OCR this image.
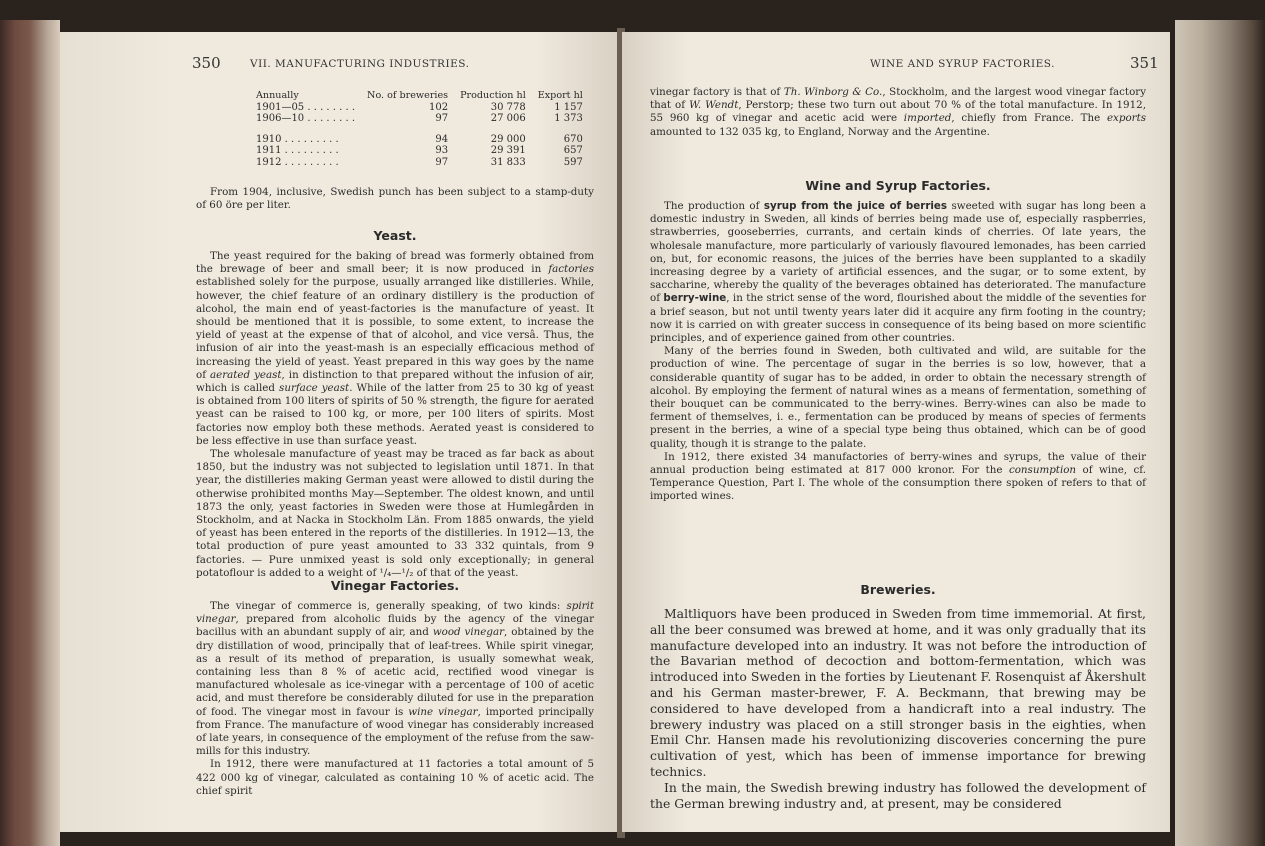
350	VII. MANUFACTURING INDUSTRIES.
Annually	No. of breweries	Production hl	Export hl
1901—05 . . . . . . . .	102	30 778	1 157
1906—10 . . . . . . . .	97	27 006	1 373

1910 . . . . . . . . .	94	29 000	670
1911 . . . . . . . . .	93	29 391	657
1912 . . . . . . . . .	97	31 833	597

From 1904, inclusive, Swedish punch has been subject to a stamp-duty of 60 öre per liter.

Yeast.

The yeast required for the baking of bread was formerly obtained from the brewage of beer and small beer; it is now produced in factories established solely for the purpose, usually arranged like distilleries. While, however, the chief feature of an ordinary distillery is the production of alcohol, the main end of yeast-factories is the manufacture of yeast. It should be mentioned that it is possible, to some extent, to increase the yield of yeast at the expense of that of alcohol, and vice versâ. Thus, the infusion of air into the yeast-mash is an especially efficacious method of increasing the yield of yeast. Yeast prepared in this way goes by the name of aerated yeast, in distinction to that prepared without the infusion of air, which is called surface yeast. While of the latter from 25 to 30 kg of yeast is obtained from 100 liters of spirits of 50 % strength, the figure for aerated yeast can be raised to 100 kg, or more, per 100 liters of spirits. Most factories now employ both these methods. Aerated yeast is considered to be less effective in use than surface yeast.

The wholesale manufacture of yeast may be traced as far back as about 1850, but the industry was not subjected to legislation until 1871. In that year, the distilleries making German yeast were allowed to distil during the otherwise prohibited months May—September. The oldest known, and until 1873 the only, yeast factories in Sweden were those at Humlegården in Stockholm, and at Nacka in Stockholm Län. From 1885 onwards, the yield of yeast has been entered in the reports of the distilleries. In 1912—13, the total production of pure yeast amounted to 33 332 quintals, from 9 factories. — Pure unmixed yeast is sold only exceptionally; in general potatoflour is added to a weight of ¹/₄—¹/₂ of that of the yeast.

Vinegar Factories.

The vinegar of commerce is, generally speaking, of two kinds: spirit vinegar, prepared from alcoholic fluids by the agency of the vinegar bacillus with an abundant supply of air, and wood vinegar, obtained by the dry distillation of wood, principally that of leaf-trees. While spirit vinegar, as a result of its method of preparation, is usually somewhat weak, containing less than 8 % of acetic acid, rectified wood vinegar is manufactured wholesale as ice-vinegar with a percentage of 100 of acetic acid, and must therefore be considerably diluted for use in the preparation of food. The vinegar most in favour is wine vinegar, imported principally from France. The manufacture of wood vinegar has considerably increased of late years, in consequence of the employment of the refuse from the saw-mills for this industry.

In 1912, there were manufactured at 11 factories a total amount of 5 422 000 kg of vinegar, calculated as containing 10 % of acetic acid. The chief spirit

WINE AND SYRUP FACTORIES.	351

vinegar factory is that of Th. Winborg & Co., Stockholm, and the largest wood vinegar factory that of W. Wendt, Perstorp; these two turn out about 70 % of the total manufacture. In 1912, 55 960 kg of vinegar and acetic acid were imported, chiefly from France. The exports amounted to 132 035 kg, to England, Norway and the Argentine.

Wine and Syrup Factories.

The production of syrup from the juice of berries sweeted with sugar has long been a domestic industry in Sweden, all kinds of berries being made use of, especially raspberries, strawberries, gooseberries, currants, and certain kinds of cherries. Of late years, the wholesale manufacture, more particularly of variously flavoured lemonades, has been carried on, but, for economic reasons, the juices of the berries have been supplanted to a skadily increasing degree by a variety of artificial essences, and the sugar, or to some extent, by saccharine, whereby the quality of the beverages obtained has deteriorated. The manufacture of berry-wine, in the strict sense of the word, flourished about the middle of the seventies for a brief season, but not until twenty years later did it acquire any firm footing in the country; now it is carried on with greater success in consequence of its being based on more scientific principles, and of experience gained from other countries.

Many of the berries found in Sweden, both cultivated and wild, are suitable for the production of wine. The percentage of sugar in the berries is so low, however, that a considerable quantity of sugar has to be added, in order to obtain the necessary strength of alcohol. By employing the ferment of natural wines as a means of fermentation, something of their bouquet can be communicated to the berry-wines. Berry-wines can also be made to ferment of themselves, i. e., fermentation can be produced by means of species of ferments present in the berries, a wine of a special type being thus obtained, which can be of good quality, though it is strange to the palate.

In 1912, there existed 34 manufactories of berry-wines and syrups, the value of their annual production being estimated at 817 000 kronor. For the consumption of wine, cf. Temperance Question, Part I. The whole of the consumption there spoken of refers to that of imported wines.

Breweries.

Maltliquors have been produced in Sweden from time immemorial. At first, all the beer consumed was brewed at home, and it was only gradually that its manufacture developed into an industry. It was not before the introduction of the Bavarian method of decoction and bottom-fermentation, which was introduced into Sweden in the forties by Lieutenant F. Rosenquist af Åkershult and his German master-brewer, F. A. Beckmann, that brewing may be considered to have developed from a handicraft into a real industry. The brewery industry was placed on a still stronger basis in the eighties, when Emil Chr. Hansen made his revolutionizing discoveries concerning the pure cultivation of yest, which has been of immense importance for brewing technics.

In the main, the Swedish brewing industry has followed the development of the German brewing industry and, at present, may be considered
